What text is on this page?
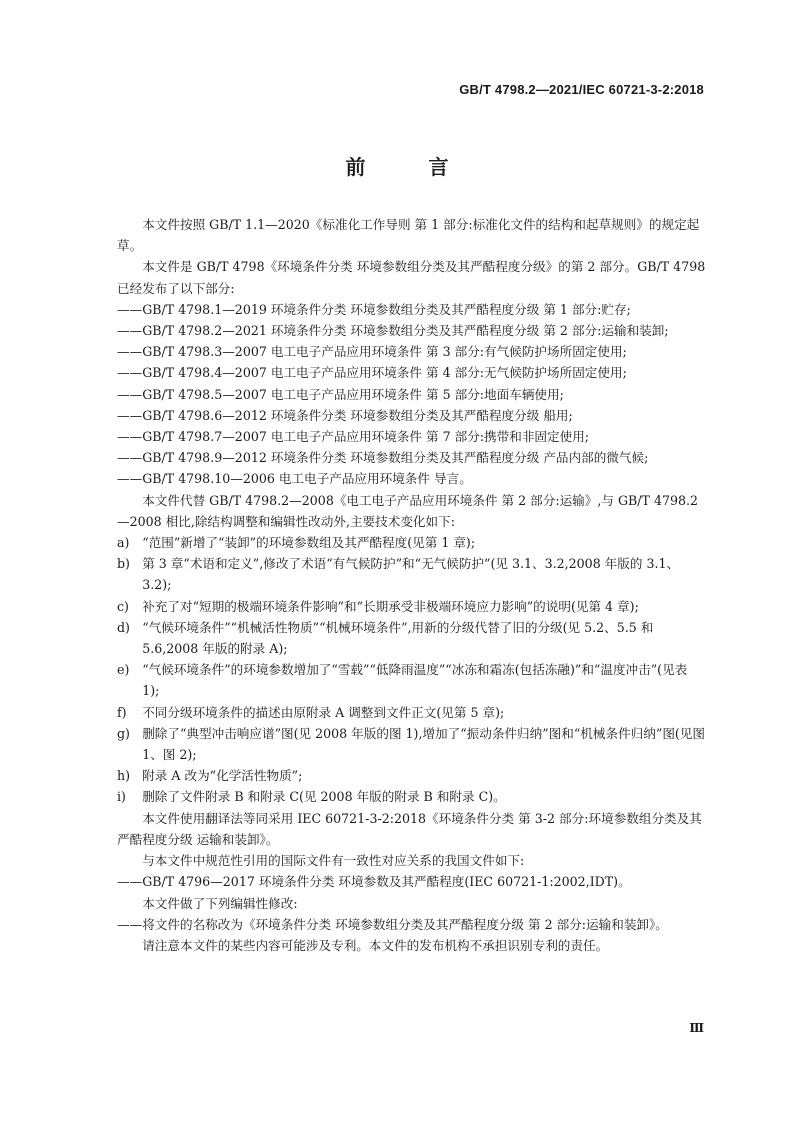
GB/T 4798.2—2021/IEC 60721-3-2:2018
前 言

本文件按照 GB/T 1.1—2020《标准化工作导则 第 1 部分:标准化文件的结构和起草规则》的规定起草。

本文件是 GB/T 4798《环境条件分类 环境参数组分类及其严酷程度分级》的第 2 部分。GB/T 4798已经发布了以下部分:

——GB/T 4798.1—2019 环境条件分类 环境参数组分类及其严酷程度分级 第 1 部分:贮存;

——GB/T 4798.2—2021 环境条件分类 环境参数组分类及其严酷程度分级 第 2 部分:运输和装卸;

——GB/T 4798.3—2007 电工电子产品应用环境条件 第 3 部分:有气候防护场所固定使用;

——GB/T 4798.4—2007 电工电子产品应用环境条件 第 4 部分:无气候防护场所固定使用;

——GB/T 4798.5—2007 电工电子产品应用环境条件 第 5 部分:地面车辆使用;

——GB/T 4798.6—2012 环境条件分类 环境参数组分类及其严酷程度分级 船用;

——GB/T 4798.7—2007 电工电子产品应用环境条件 第 7 部分:携带和非固定使用;

——GB/T 4798.9—2012 环境条件分类 环境参数组分类及其严酷程度分级 产品内部的微气候;

——GB/T 4798.10—2006 电工电子产品应用环境条件 导言。

本文件代替 GB/T 4798.2—2008《电工电子产品应用环境条件 第 2 部分:运输》,与 GB/T 4798.2—2008 相比,除结构调整和编辑性改动外,主要技术变化如下:

a) “范围”新增了“装卸”的环境参数组及其严酷程度(见第 1 章);
b) 第 3 章“术语和定义”,修改了术语“有气候防护”和“无气候防护”(见 3.1、3.2,2008 年版的 3.1、3.2);
c) 补充了对“短期的极端环境条件影响”和“长期承受非极端环境应力影响”的说明(见第 4 章);
d) “气候环境条件”“机械活性物质”“机械环境条件”,用新的分级代替了旧的分级(见 5.2、5.5 和5.6,2008 年版的附录 A);
e) “气候环境条件”的环境参数增加了“雪载”“低降雨温度”“冰冻和霜冻(包括冻融)”和“温度冲击”(见表 1);
f) 不同分级环境条件的描述由原附录 A 调整到文件正文(见第 5 章);
g) 删除了“典型冲击响应谱”图(见 2008 年版的图 1),增加了“振动条件归纳”图和“机械条件归纳”图(见图 1、图 2);
h) 附录 A 改为“化学活性物质”;
i) 删除了文件附录 B 和附录 C(见 2008 年版的附录 B 和附录 C)。

本文件使用翻译法等同采用 IEC 60721-3-2:2018《环境条件分类 第 3-2 部分:环境参数组分类及其严酷程度分级 运输和装卸》。

与本文件中规范性引用的国际文件有一致性对应关系的我国文件如下:

——GB/T 4796—2017 环境条件分类 环境参数及其严酷程度(IEC 60721-1:2002,IDT)。

本文件做了下列编辑性修改:

——将文件的名称改为《环境条件分类 环境参数组分类及其严酷程度分级 第 2 部分:运输和装卸》。

请注意本文件的某些内容可能涉及专利。本文件的发布机构不承担识别专利的责任。

Ⅲ
